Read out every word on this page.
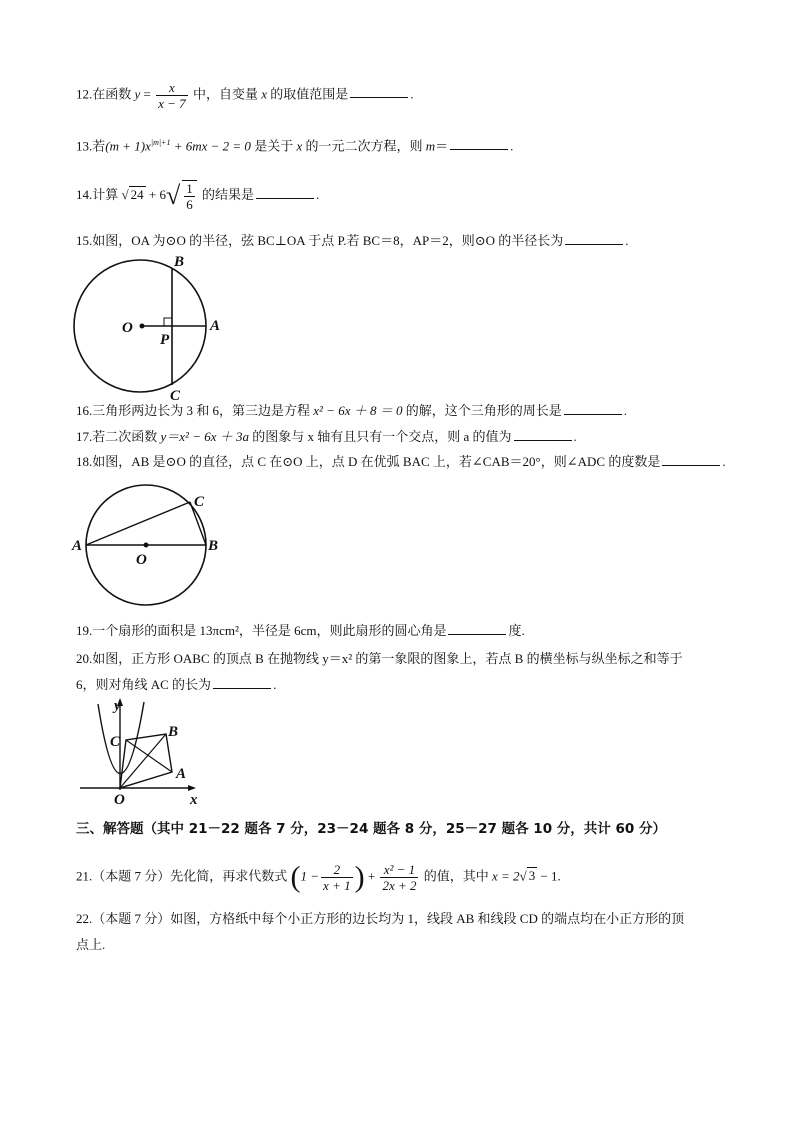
12.在函数 $y = \frac{x}{x - 7}$ 中，自变量 x 的取值范围是	.
13.若$(m + 1)x^{|m|+1} + 6mx - 2 = 0$ 是关于 x 的一元二次方程，则 m＝	.
14.计算 √ $24 + 6√ \frac{1}{6}$ 的结果是	.
15.如图，OA 为⊙O 的半径，弦 BC⊥OA 于点 P.若 BC＝8，AP＝2，则⊙O 的半径长为	.
B
O
P
A
C
16.三角形两边长为 3 和 6，第三边是方程 x² − 6x ＋ 8 ＝ 0 的解，这个三角形的周长是	.
17.若二次函数 y＝x² − 6x ＋ 3a 的图象与 x 轴有且只有一个交点，则 a 的值为	.
18.如图，AB 是⊙O 的直径，点 C 在⊙O 上，点 D 在优弧 BAC 上，若∠CAB＝20°，则∠ADC 的度数是	.
A	B
C
O
19.一个扇形的面积是 13πcm²，半径是 6cm，则此扇形的圆心角是	度.
20.如图，正方形 OABC 的顶点 B 在抛物线 y＝x² 的第一象限的图象上，若点 B 的横坐标与纵坐标之和等于
6，则对角线 AC 的长为	.
y
x
O
A
B
C
三、解答题（其中 21－22 题各 7 分，23－24 题各 8 分，25－27 题各 10 分，共计 60 分）
21.（本题 7 分）先化简，再求代数式 ($1 - \frac{2}{x + 1}$ ) + $\frac{\text{x² − 1}}{2x + 2}$ 的值，其中 x = 2√ 3 − 1.
22.（本题 7 分）如图，方格纸中每个小正方形的边长均为 1，线段 AB 和线段 CD 的端点均在小正方形的顶
点上.
